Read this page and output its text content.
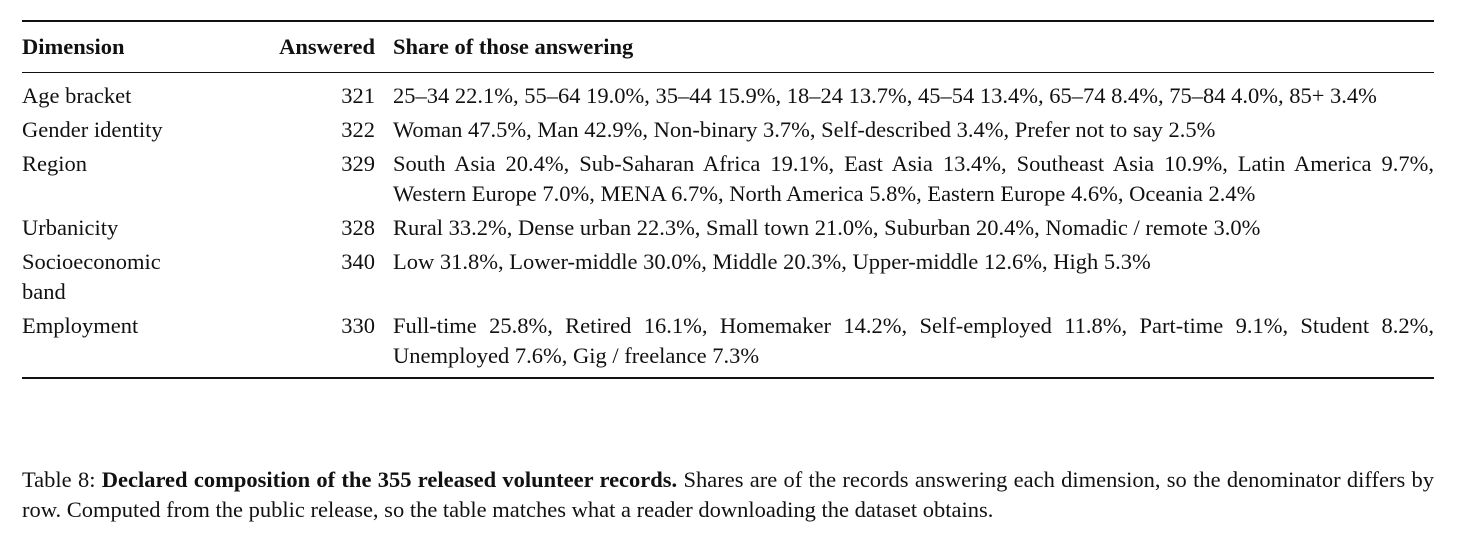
Dimension	Answered	Share of those answering
Age bracket	321	25–34 22.1%, 55–64 19.0%, 35–44 15.9%, 18–24 13.7%, 45–54 13.4%, 65–74 8.4%, 75–84 4.0%, 85+ 3.4%
Gender identity	322	Woman 47.5%, Man 42.9%, Non-binary 3.7%, Self-described 3.4%, Prefer not to say 2.5%
Region	329	South Asia 20.4%, Sub-Saharan Africa 19.1%, East Asia 13.4%, Southeast Asia 10.9%, Latin America 9.7%, Western Europe 7.0%, MENA 6.7%, North America 5.8%, Eastern Europe 4.6%, Oceania 2.4%
Urbanicity	328	Rural 33.2%, Dense urban 22.3%, Small town 21.0%, Suburban 20.4%, Nomadic / remote 3.0%
Socioeconomic band	340	Low 31.8%, Lower-middle 30.0%, Middle 20.3%, Upper-middle 12.6%, High 5.3%
Employment	330	Full-time 25.8%, Retired 16.1%, Homemaker 14.2%, Self-employed 11.8%, Part-time 9.1%, Student 8.2%, Unemployed 7.6%, Gig / freelance 7.3%
Table 8: Declared composition of the 355 released volunteer records. Shares are of the records answering each dimension, so the denominator differs by row. Computed from the public release, so the table matches what a reader downloading the dataset obtains.
